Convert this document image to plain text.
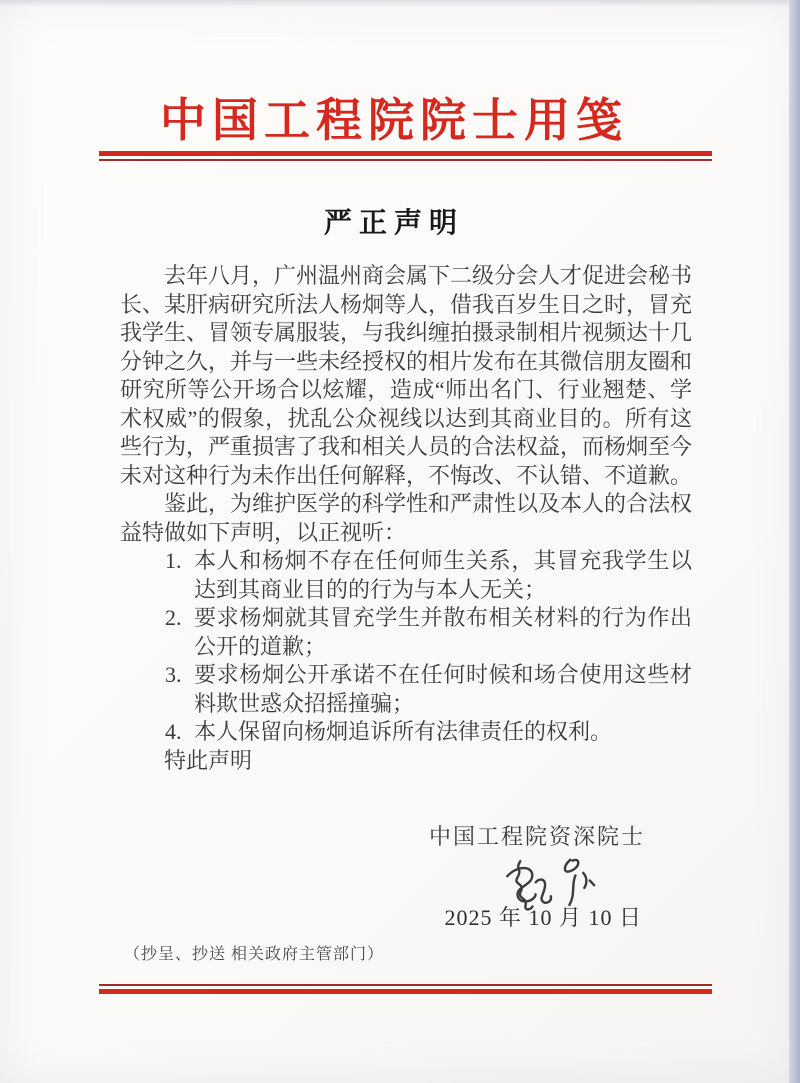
中国工程院院士用笺
严正声明

去年八月，广州温州商会属下二级分会人才促进会秘书长、某肝病研究所法人杨炯等人，借我百岁生日之时，冒充我学生、冒领专属服装，与我纠缠拍摄录制相片视频达十几分钟之久，并与一些未经授权的相片发布在其微信朋友圈和研究所等公开场合以炫耀，造成“师出名门、行业翘楚、学术权威”的假象，扰乱公众视线以达到其商业目的。所有这些行为，严重损害了我和相关人员的合法权益，而杨炯至今未对这种行为未作出任何解释，不悔改、不认错、不道歉。

鉴此，为维护医学的科学性和严肃性以及本人的合法权益特做如下声明，以正视听：

1. 本人和杨炯不存在任何师生关系，其冒充我学生以达到其商业目的的行为与本人无关；
2. 要求杨炯就其冒充学生并散布相关材料的行为作出公开的道歉；
3. 要求杨炯公开承诺不在任何时候和场合使用这些材料欺世惑众招摇撞骗；
4. 本人保留向杨炯追诉所有法律责任的权利。

特此声明

中国工程院资深院士
2025 年 10 月 10 日
（抄呈、抄送 相关政府主管部门）
